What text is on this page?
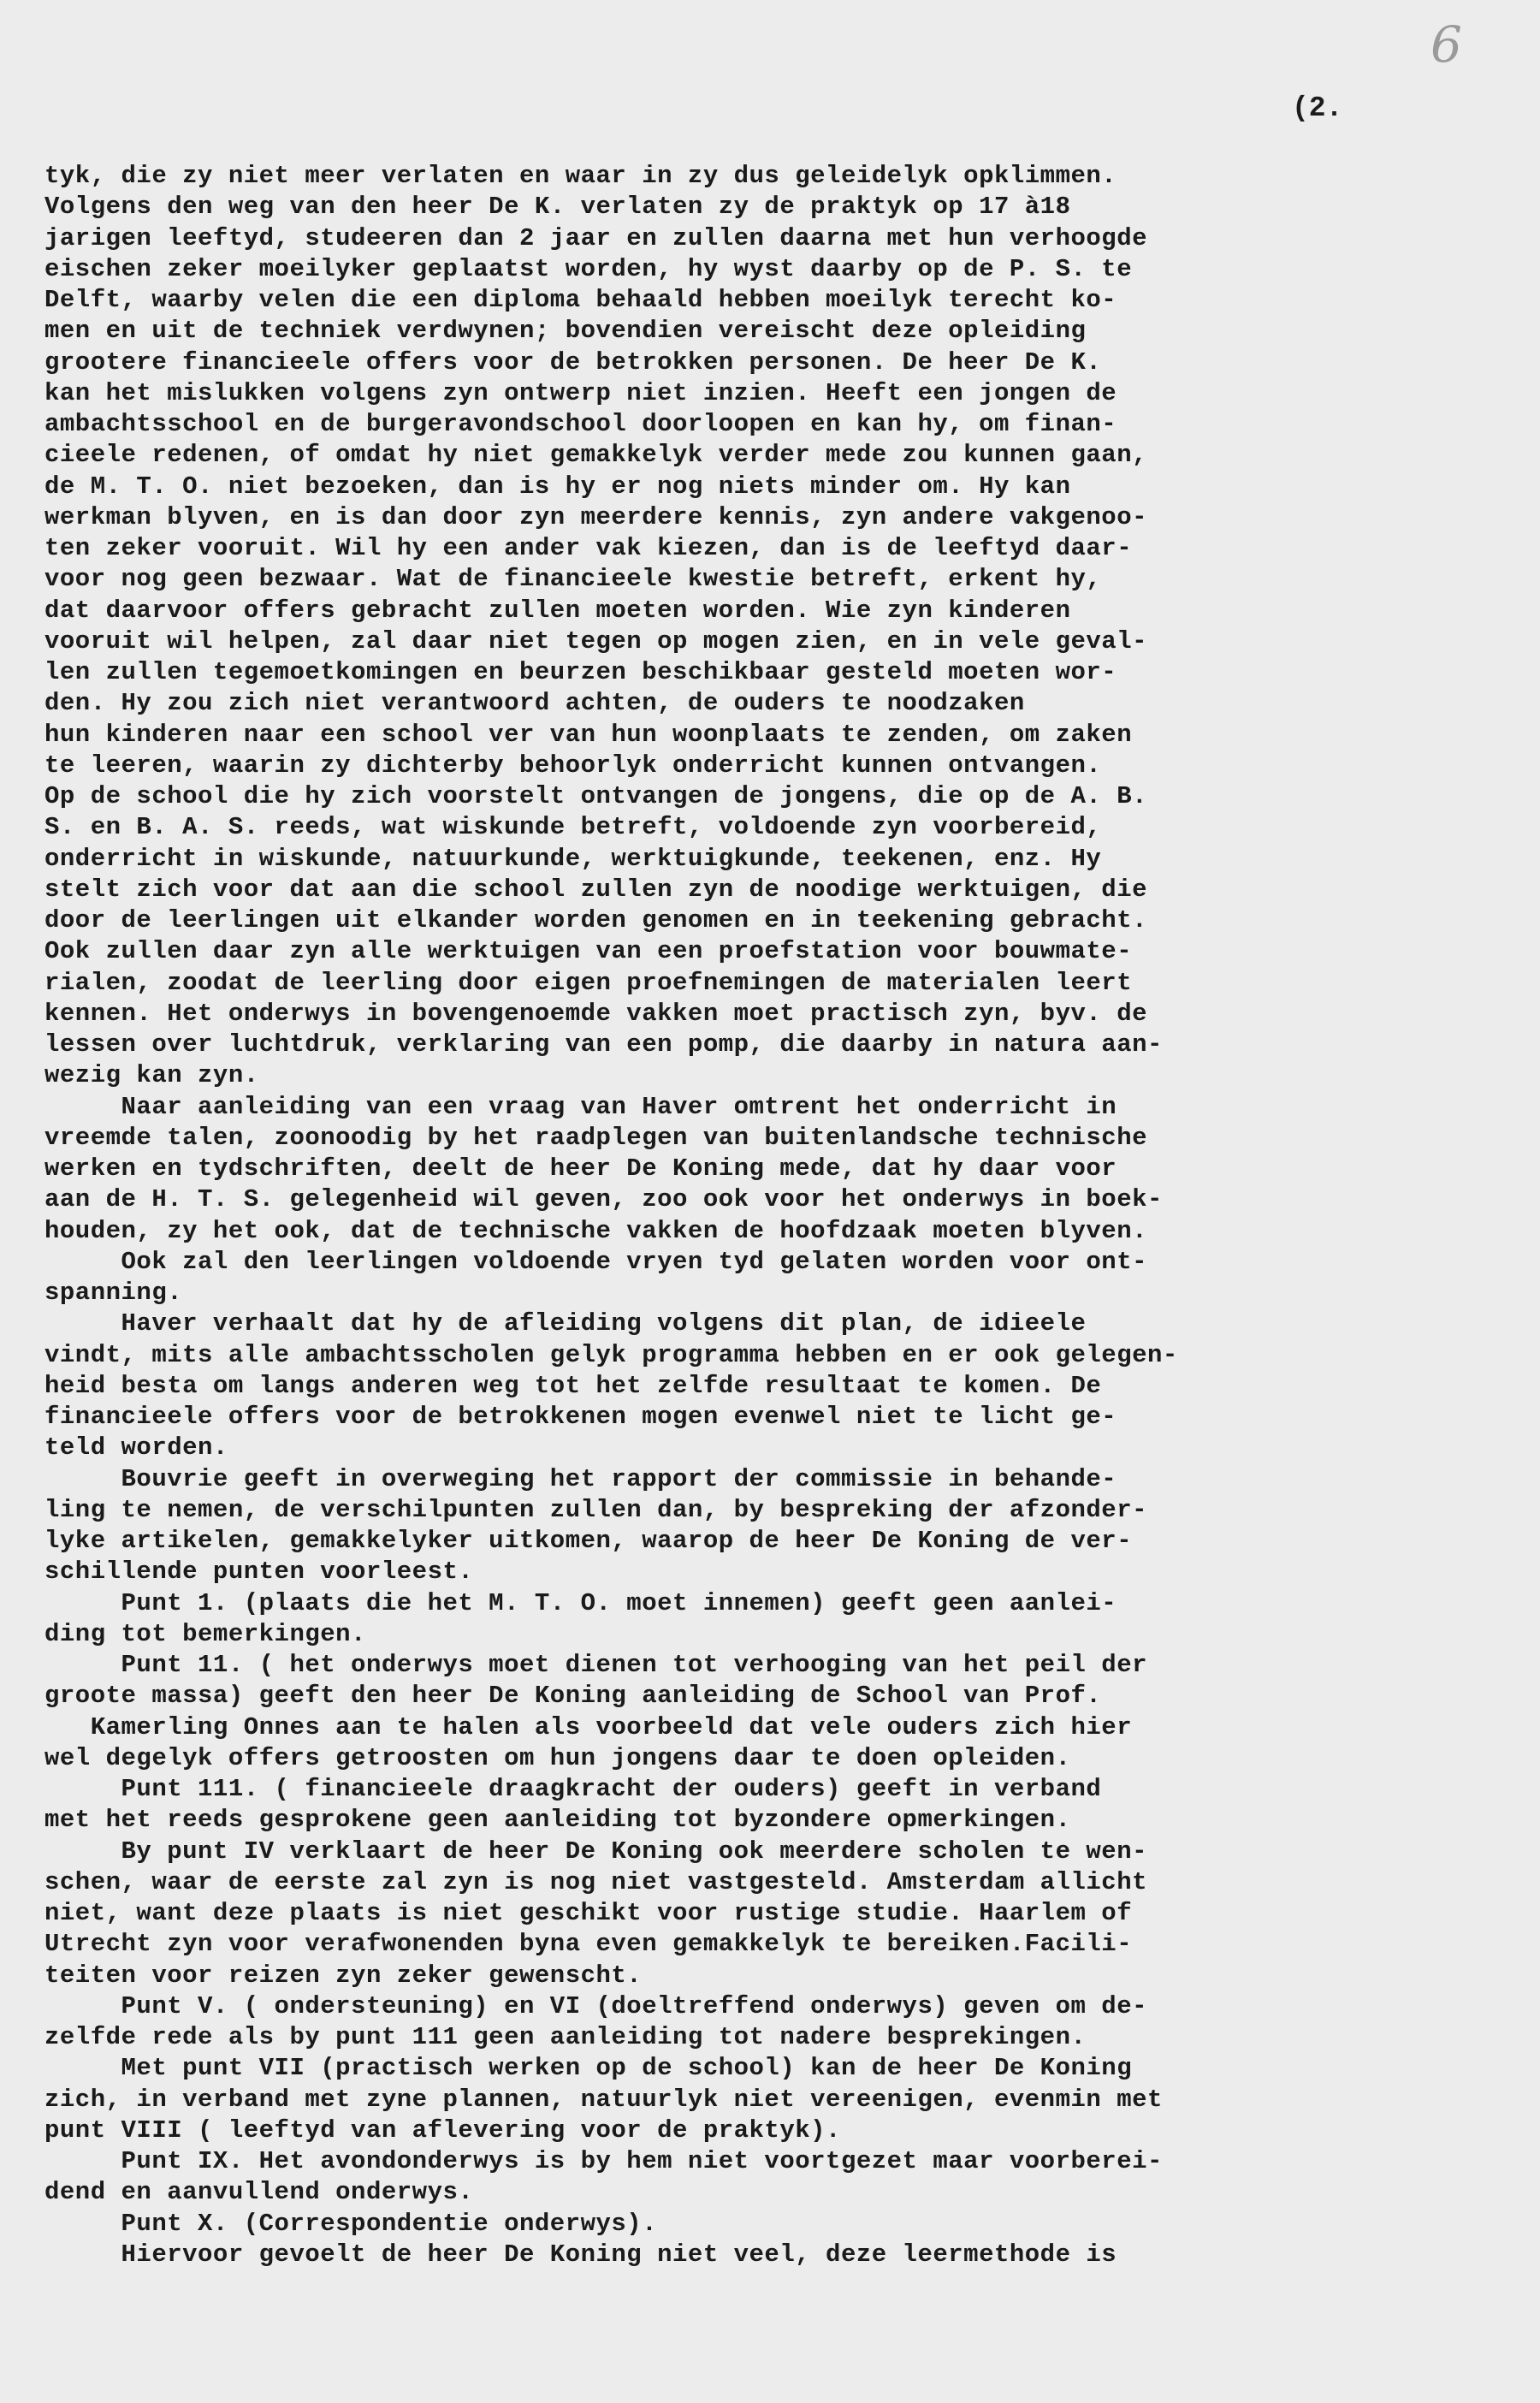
6
(2.
tyk, die zy niet meer verlaten en waar in zy dus geleidelyk opklimmen.
Volgens den weg van den heer De K. verlaten zy de praktyk op 17 à18
jarigen leeftyd, studeeren dan 2 jaar en zullen daarna met hun verhoogde
eischen zeker moeilyker geplaatst worden, hy wyst daarby op de P. S. te
Delft, waarby velen die een diploma behaald hebben moeilyk terecht ko-
men en uit de techniek verdwynen; bovendien vereischt deze opleiding
grootere financieele offers voor de betrokken personen. De heer De K.
kan het mislukken volgens zyn ontwerp niet inzien. Heeft een jongen de
ambachtsschool en de burgeravondschool doorloopen en kan hy, om finan-
cieele redenen, of omdat hy niet gemakkelyk verder mede zou kunnen gaan,
de M. T. O. niet bezoeken, dan is hy er nog niets minder om. Hy kan
werkman blyven, en is dan door zyn meerdere kennis, zyn andere vakgenoo-
ten zeker vooruit. Wil hy een ander vak kiezen, dan is de leeftyd daar-
voor nog geen bezwaar. Wat de financieele kwestie betreft, erkent hy,
dat daarvoor offers gebracht zullen moeten worden. Wie zyn kinderen
vooruit wil helpen, zal daar niet tegen op mogen zien, en in vele geval-
len zullen tegemoetkomingen en beurzen beschikbaar gesteld moeten wor-
den. Hy zou zich niet verantwoord achten, de ouders te noodzaken
hun kinderen naar een school ver van hun woonplaats te zenden, om zaken
te leeren, waarin zy dichterby behoorlyk onderricht kunnen ontvangen.
Op de school die hy zich voorstelt ontvangen de jongens, die op de A. B.
S. en B. A. S. reeds, wat wiskunde betreft, voldoende zyn voorbereid,
onderricht in wiskunde, natuurkunde, werktuigkunde, teekenen, enz. Hy
stelt zich voor dat aan die school zullen zyn de noodige werktuigen, die
door de leerlingen uit elkander worden genomen en in teekening gebracht.
Ook zullen daar zyn alle werktuigen van een proefstation voor bouwmate-
rialen, zoodat de leerling door eigen proefnemingen de materialen leert
kennen. Het onderwys in bovengenoemde vakken moet practisch zyn, byv. de
lessen over luchtdruk, verklaring van een pomp, die daarby in natura aan-
wezig kan zyn.
Naar aanleiding van een vraag van Haver omtrent het onderricht in
vreemde talen, zoonoodig by het raadplegen van buitenlandsche technische
werken en tydschriften, deelt de heer De Koning mede, dat hy daar voor
aan de H. T. S. gelegenheid wil geven, zoo ook voor het onderwys in boek-
houden, zy het ook, dat de technische vakken de hoofdzaak moeten blyven.
Ook zal den leerlingen voldoende vryen tyd gelaten worden voor ont-
spanning.
Haver verhaalt dat hy de afleiding volgens dit plan, de idieele
vindt, mits alle ambachtsscholen gelyk programma hebben en er ook gelegen-
heid besta om langs anderen weg tot het zelfde resultaat te komen. De
financieele offers voor de betrokkenen mogen evenwel niet te licht ge-
teld worden.
Bouvrie geeft in overweging het rapport der commissie in behande-
ling te nemen, de verschilpunten zullen dan, by bespreking der afzonder-
lyke artikelen, gemakkelyker uitkomen, waarop de heer De Koning de ver-
schillende punten voorleest.
Punt 1. (plaats die het M. T. O. moet innemen) geeft geen aanlei-
ding tot bemerkingen.
Punt 11. ( het onderwys moet dienen tot verhooging van het peil der
groote massa) geeft den heer De Koning aanleiding de School van Prof.
Kamerling Onnes aan te halen als voorbeeld dat vele ouders zich hier
wel degelyk offers getroosten om hun jongens daar te doen opleiden.
Punt 111. ( financieele draagkracht der ouders) geeft in verband
met het reeds gesprokene geen aanleiding tot byzondere opmerkingen.
By punt IV verklaart de heer De Koning ook meerdere scholen te wen-
schen, waar de eerste zal zyn is nog niet vastgesteld. Amsterdam allicht
niet, want deze plaats is niet geschikt voor rustige studie. Haarlem of
Utrecht zyn voor verafwonenden byna even gemakkelyk te bereiken.Facili-
teiten voor reizen zyn zeker gewenscht.
Punt V. ( ondersteuning) en VI (doeltreffend onderwys) geven om de-
zelfde rede als by punt 111 geen aanleiding tot nadere besprekingen.
Met punt VII (practisch werken op de school) kan de heer De Koning
zich, in verband met zyne plannen, natuurlyk niet vereenigen, evenmin met
punt VIII ( leeftyd van aflevering voor de praktyk).
Punt IX. Het avondonderwys is by hem niet voortgezet maar voorberei-
dend en aanvullend onderwys.
Punt X. (Correspondentie onderwys).
Hiervoor gevoelt de heer De Koning niet veel, deze leermethode is
